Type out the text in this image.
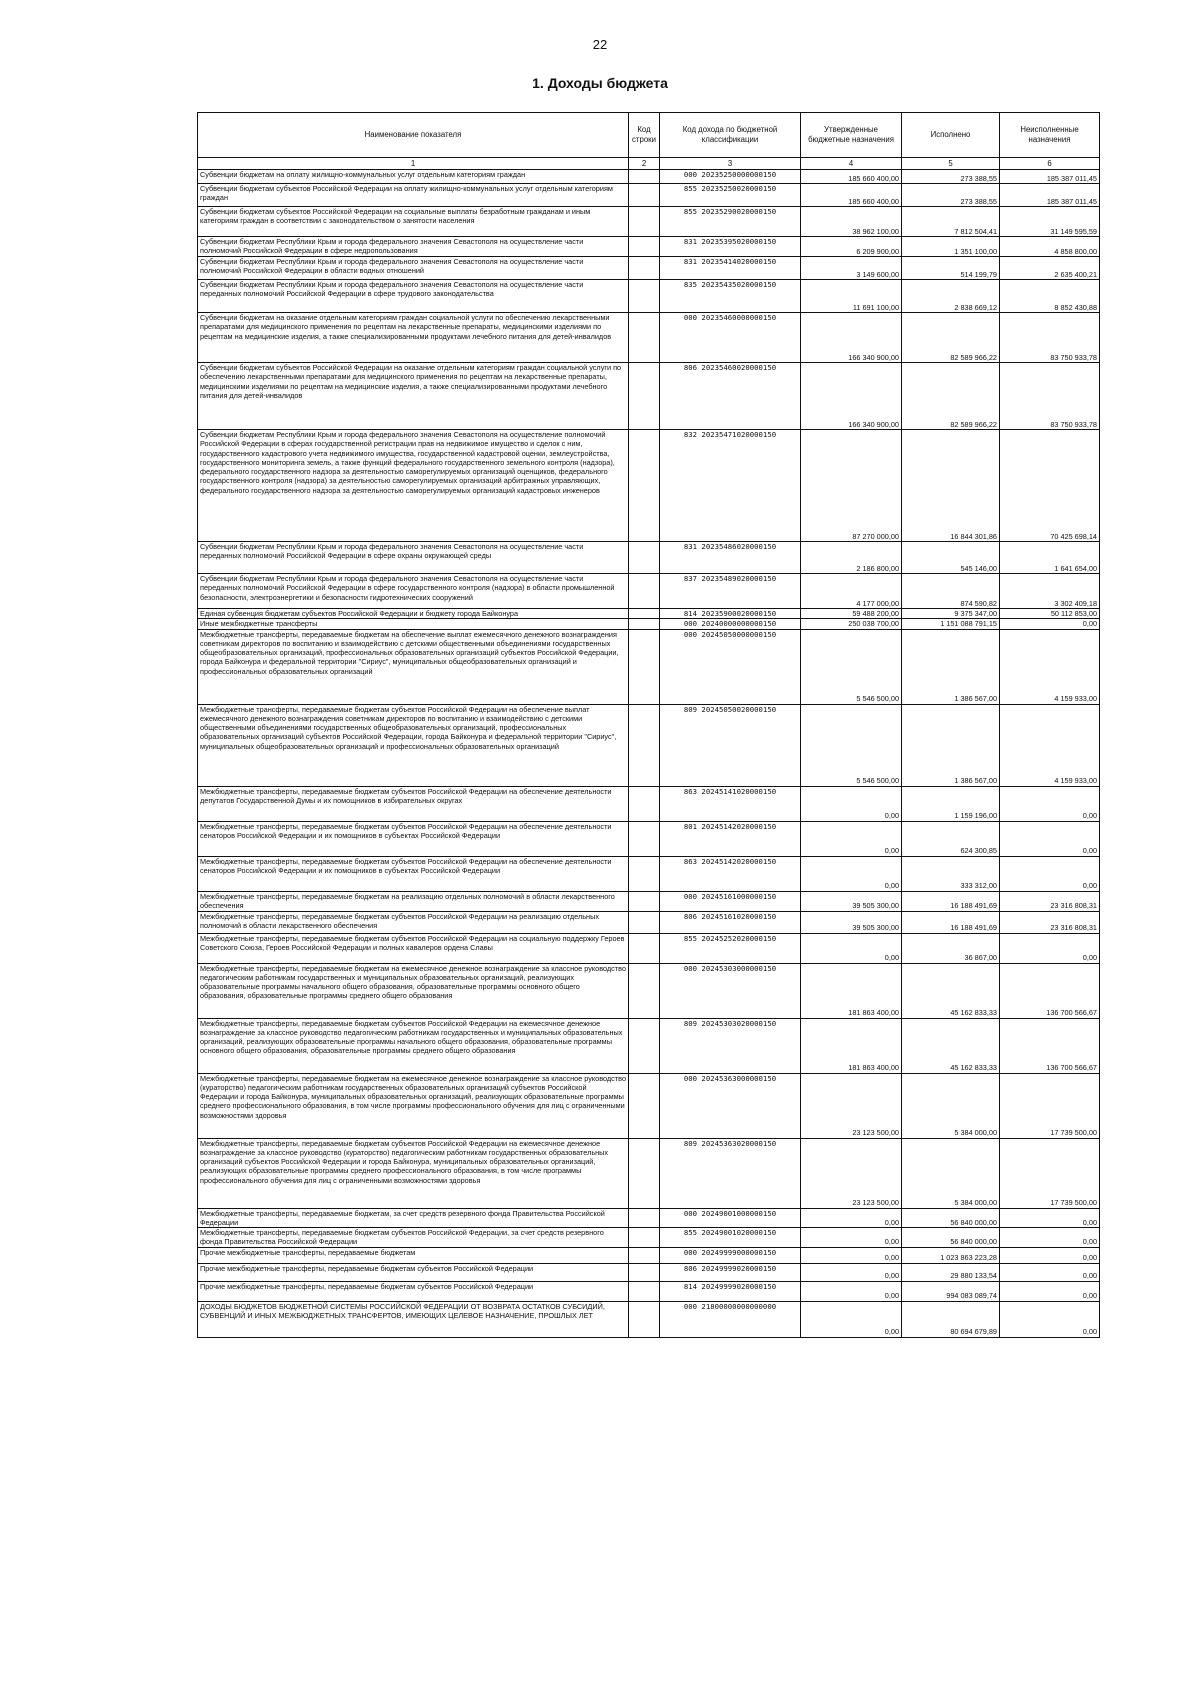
22
1. Доходы бюджета
Наименование показателя	Код строки	Код дохода по бюджетной классификации	Утвержденные бюджетные назначения	Исполнено	Неисполненные назначения
1	2	3	4	5	6
Субвенции бюджетам на оплату жилищно-коммунальных услуг отдельным категориям граждан		000 20235250000000150	185 660 400,00	273 388,55	185 387 011,45
Субвенции бюджетам субъектов Российской Федерации на оплату жилищно-коммунальных услуг отдельным категориям граждан		855 20235250020000150	185 660 400,00	273 388,55	185 387 011,45
Субвенции бюджетам субъектов Российской Федерации на социальные выплаты безработным гражданам и иным категориям граждан в соответствии с законодательством о занятости населения		855 20235290020000150	38 962 100,00	7 812 504,41	31 149 595,59
Субвенции бюджетам Республики Крым и города федерального значения Севастополя на осуществление части полномочий Российской Федерации в сфере недропользования		831 20235395020000150	6 209 900,00	1 351 100,00	4 858 800,00
Субвенции бюджетам Республики Крым и города федерального значения Севастополя на осуществление части полномочий Российской Федерации в области водных отношений		831 20235414020000150	3 149 600,00	514 199,79	2 635 400,21
Субвенции бюджетам Республики Крым и города федерального значения Севастополя на осуществление части переданных полномочий Российской Федерации в сфере трудового законодательства		835 20235435020000150	11 691 100,00	2 838 669,12	8 852 430,88
Субвенции бюджетам на оказание отдельным категориям граждан социальной услуги по обеспечению лекарственными препаратами для медицинского применения по рецептам на лекарственные препараты, медицинскими изделиями по рецептам на медицинские изделия, а также специализированными продуктами лечебного питания для детей-инвалидов		000 20235460000000150	166 340 900,00	82 589 966,22	83 750 933,78
Субвенции бюджетам субъектов Российской Федерации на оказание отдельным категориям граждан социальной услуги по обеспечению лекарственными препаратами для медицинского применения по рецептам на лекарственные препараты, медицинскими изделиями по рецептам на медицинские изделия, а также специализированными продуктами лечебного питания для детей-инвалидов		806 20235460020000150	166 340 900,00	82 589 966,22	83 750 933,78
Субвенции бюджетам Республики Крым и города федерального значения Севастополя на осуществление полномочий Российской Федерации в сферах государственной регистрации прав на недвижимое имущество и сделок с ним, государственного кадастрового учета недвижимого имущества, государственной кадастровой оценки, землеустройства, государственного мониторинга земель, а также функций федерального государственного земельного контроля (надзора), федерального государственного надзора за деятельностью саморегулируемых организаций оценщиков, федерального государственного контроля (надзора) за деятельностью саморегулируемых организаций арбитражных управляющих, федерального государственного надзора за деятельностью саморегулируемых организаций кадастровых инженеров		832 20235471020000150	87 270 000,00	16 844 301,86	70 425 698,14
Субвенции бюджетам Республики Крым и города федерального значения Севастополя на осуществление части переданных полномочий Российской Федерации в сфере охраны окружающей среды		831 20235486020000150	2 186 800,00	545 146,00	1 641 654,00
Субвенции бюджетам Республики Крым и города федерального значения Севастополя на осуществление части переданных полномочий Российской Федерации в сфере государственного контроля (надзора) в области промышленной безопасности, электроэнергетики и безопасности гидротехнических сооружений		837 20235489020000150	4 177 000,00	874 590,82	3 302 409,18
Единая субвенция бюджетам субъектов Российской Федерации и бюджету города Байконура		814 20235900020000150	59 488 200,00	9 375 347,00	50 112 853,00
Иные межбюджетные трансферты		000 20240000000000150	250 038 700,00	1 151 088 791,15	0,00
Межбюджетные трансферты, передаваемые бюджетам на обеспечение выплат ежемесячного денежного вознаграждения советникам директоров по воспитанию и взаимодействию с детскими общественными объединениями государственных общеобразовательных организаций, профессиональных образовательных организаций субъектов Российской Федерации, города Байконура и федеральной территории "Сириус", муниципальных общеобразовательных организаций и профессиональных образовательных организаций		000 20245050000000150	5 546 500,00	1 386 567,00	4 159 933,00
Межбюджетные трансферты, передаваемые бюджетам субъектов Российской Федерации на обеспечение выплат ежемесячного денежного вознаграждения советникам директоров по воспитанию и взаимодействию с детскими общественными объединениями государственных общеобразовательных организаций, профессиональных образовательных организаций субъектов Российской Федерации, города Байконура и федеральной территории "Сириус", муниципальных общеобразовательных организаций и профессиональных образовательных организаций		809 20245050020000150	5 546 500,00	1 386 567,00	4 159 933,00
Межбюджетные трансферты, передаваемые бюджетам субъектов Российской Федерации на обеспечение деятельности депутатов Государственной Думы и их помощников в избирательных округах		863 20245141020000150	0,00	1 159 196,00	0,00
Межбюджетные трансферты, передаваемые бюджетам субъектов Российской Федерации на обеспечение деятельности сенаторов Российской Федерации и их помощников в субъектах Российской Федерации		801 20245142020000150	0,00	624 300,85	0,00
Межбюджетные трансферты, передаваемые бюджетам субъектов Российской Федерации на обеспечение деятельности сенаторов Российской Федерации и их помощников в субъектах Российской Федерации		863 20245142020000150	0,00	333 312,00	0,00
Межбюджетные трансферты, передаваемые бюджетам на реализацию отдельных полномочий в области лекарственного обеспечения		000 20245161000000150	39 505 300,00	16 188 491,69	23 316 808,31
Межбюджетные трансферты, передаваемые бюджетам субъектов Российской Федерации на реализацию отдельных полномочий в области лекарственного обеспечения		806 20245161020000150	39 505 300,00	16 188 491,69	23 316 808,31
Межбюджетные трансферты, передаваемые бюджетам субъектов Российской Федерации на социальную поддержку Героев Советского Союза, Героев Российской Федерации и полных кавалеров ордена Славы		855 20245252020000150	0,00	36 867,00	0,00
Межбюджетные трансферты, передаваемые бюджетам на ежемесячное денежное вознаграждение за классное руководство педагогическим работникам государственных и муниципальных образовательных организаций, реализующих образовательные программы начального общего образования, образовательные программы основного общего образования, образовательные программы среднего общего образования		000 20245303000000150	181 863 400,00	45 162 833,33	136 700 566,67
Межбюджетные трансферты, передаваемые бюджетам субъектов Российской Федерации на ежемесячное денежное вознаграждение за классное руководство педагогическим работникам государственных и муниципальных образовательных организаций, реализующих образовательные программы начального общего образования, образовательные программы основного общего образования, образовательные программы среднего общего образования		809 20245303020000150	181 863 400,00	45 162 833,33	136 700 566,67
Межбюджетные трансферты, передаваемые бюджетам на ежемесячное денежное вознаграждение за классное руководство (кураторство) педагогическим работникам государственных образовательных организаций субъектов Российской Федерации и города Байконура, муниципальных образовательных организаций, реализующих образовательные программы среднего профессионального образования, в том числе программы профессионального обучения для лиц с ограниченными возможностями здоровья		000 20245363000000150	23 123 500,00	5 384 000,00	17 739 500,00
Межбюджетные трансферты, передаваемые бюджетам субъектов Российской Федерации на ежемесячное денежное вознаграждение за классное руководство (кураторство) педагогическим работникам государственных образовательных организаций субъектов Российской Федерации и города Байконура, муниципальных образовательных организаций, реализующих образовательные программы среднего профессионального образования, в том числе программы профессионального обучения для лиц с ограниченными возможностями здоровья		809 20245363020000150	23 123 500,00	5 384 000,00	17 739 500,00
Межбюджетные трансферты, передаваемые бюджетам, за счет средств резервного фонда Правительства Российской Федерации		000 20249001000000150	0,00	56 840 000,00	0,00
Межбюджетные трансферты, передаваемые бюджетам субъектов Российской Федерации, за счет средств резервного фонда Правительства Российской Федерации		855 20249001020000150	0,00	56 840 000,00	0,00
Прочие межбюджетные трансферты, передаваемые бюджетам		000 20249999000000150	0,00	1 023 863 223,28	0,00
Прочие межбюджетные трансферты, передаваемые бюджетам субъектов Российской Федерации		806 20249999020000150	0,00	29 880 133,54	0,00
Прочие межбюджетные трансферты, передаваемые бюджетам субъектов Российской Федерации		814 20249999020000150	0,00	994 083 089,74	0,00
ДОХОДЫ БЮДЖЕТОВ БЮДЖЕТНОЙ СИСТЕМЫ РОССИЙСКОЙ ФЕДЕРАЦИИ ОТ ВОЗВРАТА ОСТАТКОВ СУБСИДИЙ, СУБВЕНЦИЙ И ИНЫХ МЕЖБЮДЖЕТНЫХ ТРАНСФЕРТОВ, ИМЕЮЩИХ ЦЕЛЕВОЕ НАЗНАЧЕНИЕ, ПРОШЛЫХ ЛЕТ		000 21800000000000000	0,00	80 694 679,89	0,00
